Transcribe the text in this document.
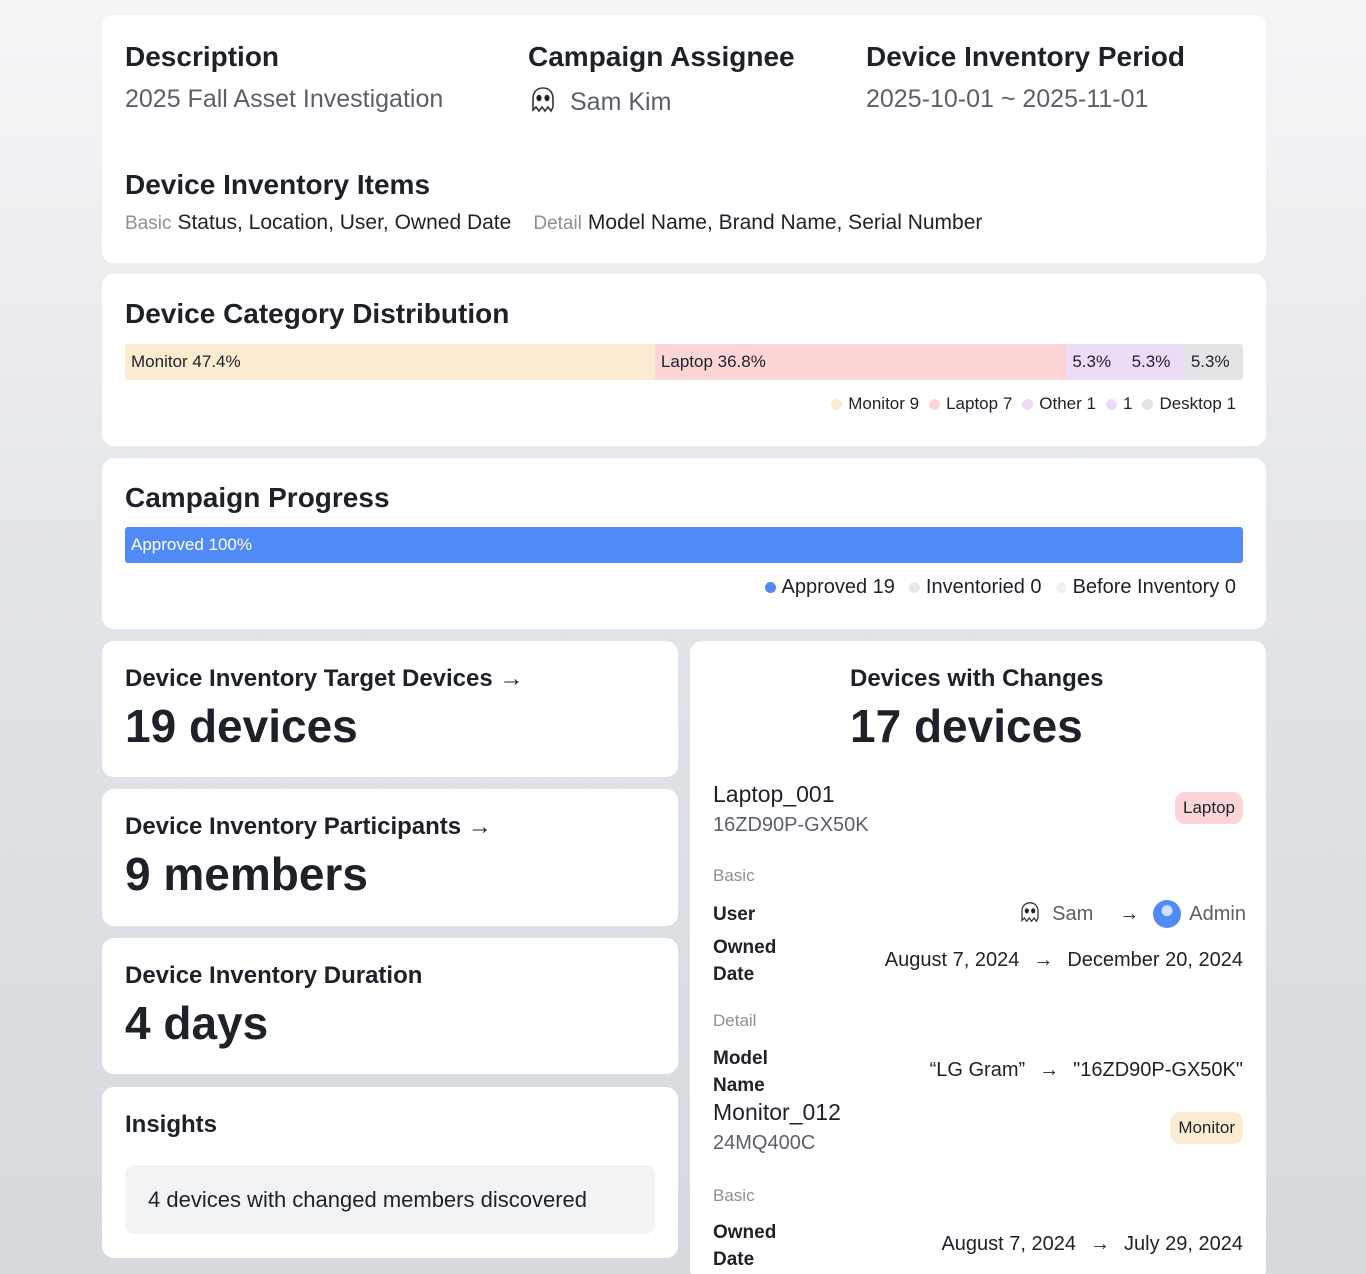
Description
2025 Fall Asset Investigation
Campaign Assignee
Sam Kim
Device Inventory Period
2025-10-01 ~ 2025-11-01
Device Inventory Items
Basic Status, Location, User, Owned Date Detail Model Name, Brand Name, Serial Number
Device Category Distribution
Monitor 47.4%	Laptop 36.8%	5.3% 5.3% 5.3%
Monitor 9 Laptop 7 Other 1 1 Desktop 1
Campaign Progress
Approved 100%
Approved 19 Inventoried 0 Before Inventory 0
Device Inventory Target Devices →
19 devices
Device Inventory Participants →
9 members
Device Inventory Duration
4 days
Insights
4 devices with changed members discovered
Devices with Changes
17 devices
Laptop_001
16ZD90P-GX50K
Laptop
Basic
User	Sam →	Admin
Owned
Date
August 7, 2024 → December 20, 2024
Detail
Model
Name
“LG Gram” → "16ZD90P-GX50K"
Monitor_012
24MQ400C
Monitor
Basic
Owned
Date
August 7, 2024 → July 29, 2024
